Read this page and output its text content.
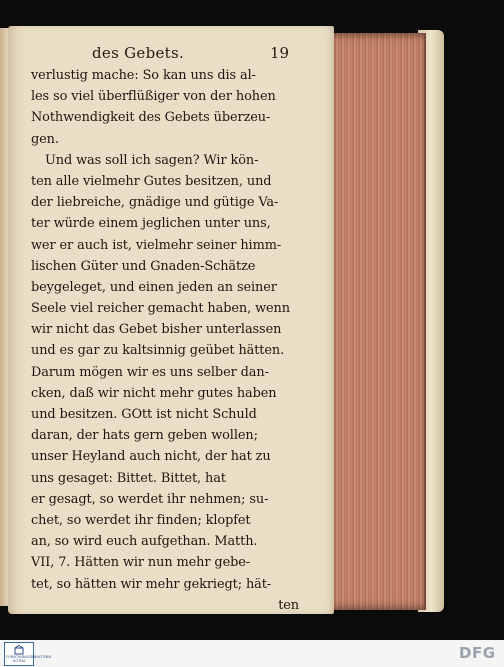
des Gebets.	19
verlustig mache: So kan uns dis al-
les so viel überflüßiger von der hohen
Nothwendigkeit des Gebets überzeu-
gen.
Und was soll ich sagen? Wir kön-
ten alle vielmehr Gutes besitzen, und
der liebreiche, gnädige und gütige Va-
ter würde einem jeglichen unter uns,
wer er auch ist, vielmehr seiner himm-
lischen Güter und Gnaden-Schätze
beygeleget, und einen jeden an seiner
Seele viel reicher gemacht haben, wenn
wir nicht das Gebet bisher unterlassen
und es gar zu kaltsinnig geübet hätten.
Darum mögen wir es uns selber dan-
cken, daß wir nicht mehr gutes haben
und besitzen. GOtt ist nicht Schuld
daran, der hats gern geben wollen;
unser Heyland auch nicht, der hat zu
uns gesaget: Bittet. Bittet, hat
er gesagt, so werdet ihr nehmen; su-
chet, so werdet ihr finden; klopfet
an, so wird euch aufgethan. Matth.
VII, 7. Hätten wir nun mehr gebe-
tet, so hätten wir mehr gekriegt; hät-
ten
FORSCHUNGSBIBLIOTHEK GOTHA	DFG
